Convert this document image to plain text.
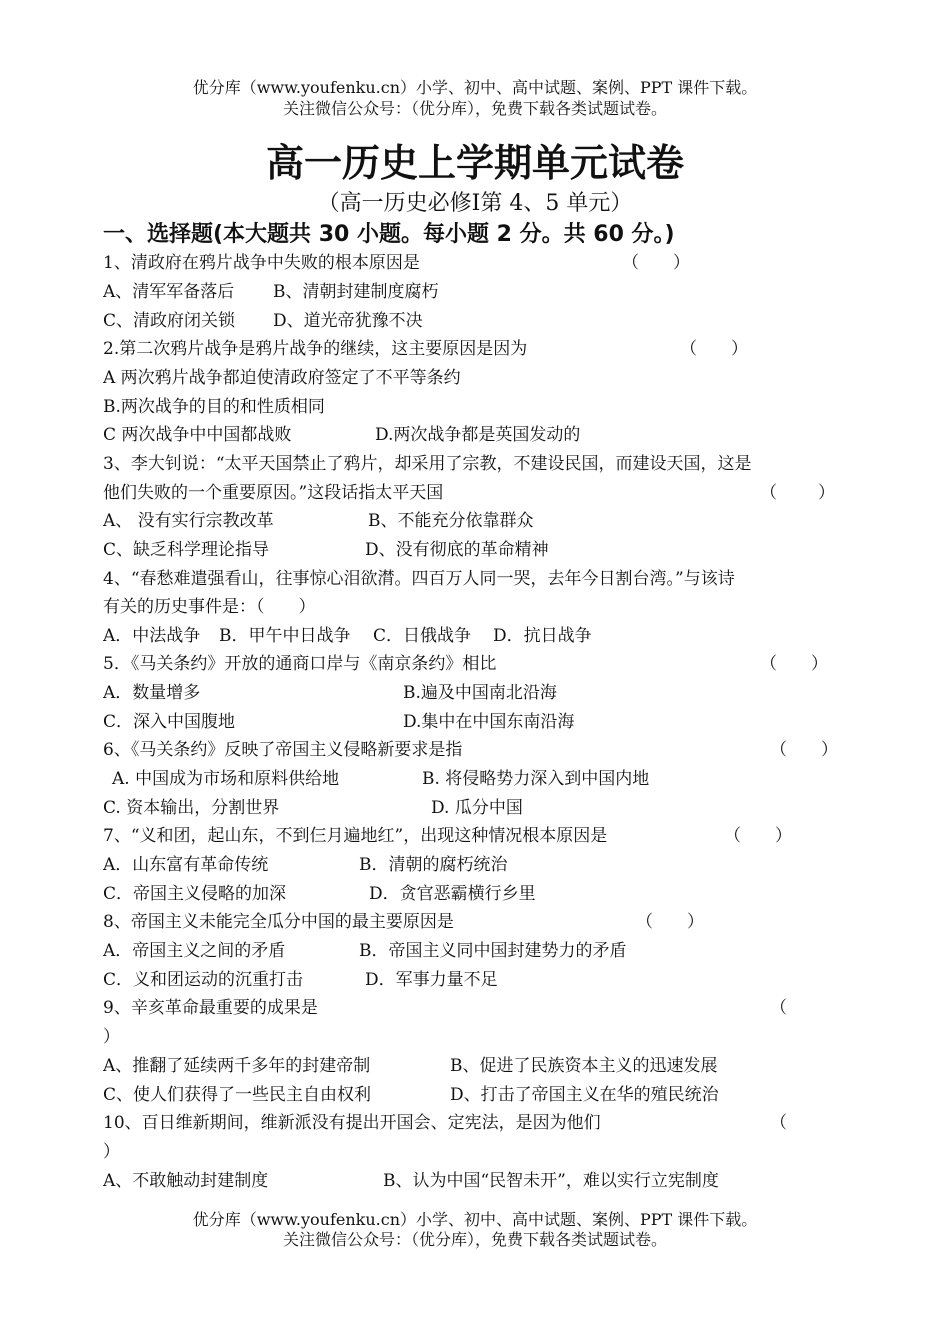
优分库（www.youfenku.cn）小学、初中、高中试题、案例、PPT 课件下载。
关注微信公众号：（优分库），免费下载各类试题试卷。
高一历史上学期单元试卷
（高一历史必修Ⅰ第 4、5 单元）
一、选择题(本大题共 30 小题。每小题 2 分。共 60 分。)
1、清政府在鸦片战争中失败的根本原因是	（　　）
A、清军军备落后 B、清朝封建制度腐朽
C、清政府闭关锁 D、道光帝犹豫不决
2.第二次鸦片战争是鸦片战争的继续，这主要原因是因为	（　　）
A 两次鸦片战争都迫使清政府签定了不平等条约
B.两次战争的目的和性质相同
C 两次战争中中国都战败	D.两次战争都是英国发动的
3、李大钊说：“太平天国禁止了鸦片，却采用了宗教，不建设民国，而建设天国，这是
他们失败的一个重要原因。”这段话指太平天国	（ ）
A、 没有实行宗教改革	B、不能充分依靠群众
C、缺乏科学理论指导	D、没有彻底的革命精神
4、“春愁难遣强看山，往事惊心泪欲潸。四百万人同一哭，去年今日割台湾。”与该诗
有关的历史事件是：（　　）
A．中法战争 B．甲午中日战争 C．日俄战争 D．抗日战争
5．《马关条约》开放的通商口岸与《南京条约》相比	（　　）
A．数量增多	B.遍及中国南北沿海
C．深入中国腹地	D.集中在中国东南沿海
6、《马关条约》反映了帝国主义侵略新要求是指	（　　）
A. 中国成为市场和原料供给地	B. 将侵略势力深入到中国内地
C. 资本输出，分割世界	D. 瓜分中国
7、“义和团，起山东，不到仨月遍地红”，出现这种情况根本原因是	（　　）
A．山东富有革命传统	B．清朝的腐朽统治
C．帝国主义侵略的加深	D．贪官恶霸横行乡里
8、帝国主义未能完全瓜分中国的最主要原因是	（　　）
A．帝国主义之间的矛盾	B．帝国主义同中国封建势力的矛盾
C．义和团运动的沉重打击	D．军事力量不足
9、辛亥革命最重要的成果是	（
）
A、推翻了延续两千多年的封建帝制	B、促进了民族资本主义的迅速发展
C、使人们获得了一些民主自由权利	D、打击了帝国主义在华的殖民统治
10、百日维新期间，维新派没有提出开国会、定宪法，是因为他们	（
）
A、不敢触动封建制度	B、认为中国“民智未开”，难以实行立宪制度
优分库（www.youfenku.cn）小学、初中、高中试题、案例、PPT 课件下载。
关注微信公众号：（优分库），免费下载各类试题试卷。
